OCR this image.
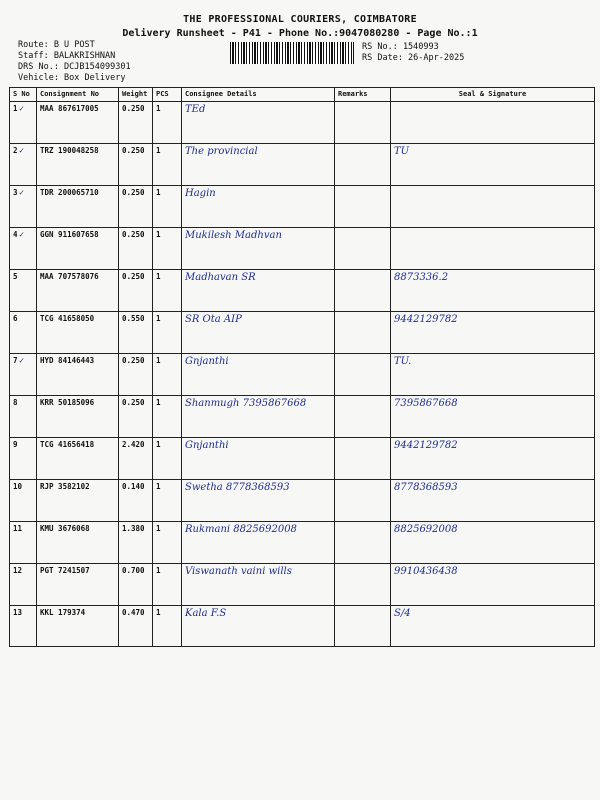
THE PROFESSIONAL COURIERS, COIMBATORE
Delivery Runsheet - P41 - Phone No.:9047080280 - Page No.:1
Route: B U POST
Staff: BALAKRISHNAN
DRS No.: DCJB154099301
Vehicle: Box Delivery
RS No.: 1540993
RS Date: 26-Apr-2025
S No	Consignment No	Weight	PCS	Consignee Details	Remarks	Seal & Signature
1✓	MAA 867617005	0.250	1	TEd		
2✓	TRZ 190048258	0.250	1	The provincial		TU
3✓	TDR 200065710	0.250	1	Hagin		
4✓	GGN 911607658	0.250	1	Mukilesh Madhvan		
5	MAA 707578076	0.250	1	Madhavan SR		8873336.2
6	TCG 41658050	0.550	1	SR Ota AIP		9442129782
7✓	HYD 84146443	0.250	1	Gnjanthi		TU.
8	KRR 50185096	0.250	1	Shanmugh 7395867668		7395867668
9	TCG 41656418	2.420	1	Gnjanthi		9442129782
10	RJP 3582102	0.140	1	Swetha 8778368593		8778368593
11	KMU 3676068	1.380	1	Rukmani 8825692008		8825692008
12	PGT 7241507	0.700	1	Viswanath vaini wills		9910436438
13	KKL 179374	0.470	1	Kala F.S		S/4
